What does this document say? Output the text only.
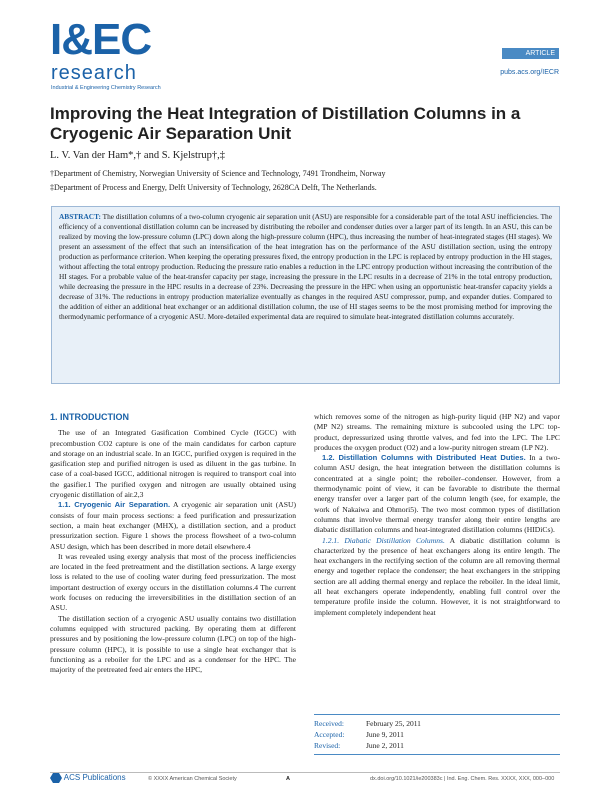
I&EC
research
Industrial & Engineering Chemistry Research
ARTICLE
pubs.acs.org/IECR
Improving the Heat Integration of Distillation Columns in a Cryogenic Air Separation Unit
L. V. Van der Ham*,† and S. Kjelstrup†,‡
†Department of Chemistry, Norwegian University of Science and Technology, 7491 Trondheim, Norway
‡Department of Process and Energy, Delft University of Technology, 2628CA Delft, The Netherlands.
ABSTRACT: The distillation columns of a two-column cryogenic air separation unit (ASU) are responsible for a considerable part of the total ASU inefficiencies. The efficiency of a conventional distillation column can be increased by distributing the reboiler and condenser duties over a larger part of its length. In an ASU, this can be realized by moving the low-pressure column (LPC) down along the high-pressure column (HPC), thus increasing the number of heat-integrated stages (HI stages). We present an assessment of the effect that such an intensification of the heat integration has on the performance of the ASU distillation section, using the entropy production as performance criterion. When keeping the operating pressures fixed, the entropy production in the LPC is replaced by entropy production in the HI stages, without affecting the total entropy production. Reducing the pressure ratio enables a reduction in the LPC entropy production without increasing the contribution of the HI stages. For a probable value of the heat-transfer capacity per stage, increasing the pressure in the LPC results in a decrease of 21% in the total entropy production, while decreasing the pressure in the HPC results in a decrease of 23%. Decreasing the pressure in the HPC when using an opportunistic heat-transfer capacity yields a decrease of 31%. The reductions in entropy production materialize eventually as changes in the required ASU compressor, pump, and expander duties. Compared to the addition of either an additional heat exchanger or an additional distillation column, the use of HI stages seems to be the most promising method for improving the thermodynamic performance of a cryogenic ASU. More-detailed experimental data are required to simulate heat-integrated distillation columns accurately.
1. INTRODUCTION

The use of an Integrated Gasification Combined Cycle (IGCC) with precombustion CO2 capture is one of the main candidates for carbon capture and storage on an industrial scale. In an IGCC, purified oxygen is required in the gasification step and purified nitrogen is used as diluent in the gas turbine. In case of a coal-based IGCC, additional nitrogen is required to transport coal into the gasifier.1 The purified oxygen and nitrogen are usually obtained using cryogenic distillation of air.2,3

1.1. Cryogenic Air Separation. A cryogenic air separation unit (ASU) consists of four main process sections: a feed purification and pressurization section, a main heat exchanger (MHX), a distillation section, and a product pressurization section. Figure 1 shows the process flowsheet of a two-column ASU design, which has been described in more detail elsewhere.4

It was revealed using exergy analysis that most of the process inefficiencies are located in the feed pretreatment and the distillation sections. A large exergy loss is related to the use of cooling water during feed pressurization. The most important destruction of exergy occurs in the distillation columns.4 The current work focuses on reducing the irreversibilities in the distillation section of an ASU.

The distillation section of a cryogenic ASU usually contains two distillation columns equipped with structured packing. By operating them at different pressures and by positioning the low-pressure column (LPC) on top of the high-pressure column (HPC), it is possible to use a single heat exchanger that is functioning as a reboiler for the LPC and as a condenser for the HPC. The majority of the pretreated feed air enters the HPC,

which removes some of the nitrogen as high-purity liquid (HP N2) and vapor (MP N2) streams. The remaining mixture is subcooled using the LPC top-product, depressurized using throttle valves, and fed into the LPC. The LPC produces the oxygen product (O2) and a low-purity nitrogen stream (LP N2).

1.2. Distillation Columns with Distributed Heat Duties. In a two-column ASU design, the heat integration between the distillation columns is concentrated at a single point; the reboiler–condenser. However, from a thermodynamic point of view, it can be favorable to distribute the thermal energy transfer over a larger part of the column length (see, for example, the work of Nakaiwa and Ohmori5). The two most common types of distillation columns that involve thermal energy transfer along their entire lengths are diabatic distillation columns and heat-integrated distillation columns (HIDiCs).

1.2.1. Diabatic Distillation Columns. A diabatic distillation column is characterized by the presence of heat exchangers along its entire length. The heat exchangers in the rectifying section of the column are all removing thermal energy and together replace the condenser; the heat exchangers in the stripping section are all adding thermal energy and replace the reboiler. In the ideal limit, all heat exchangers operate independently, enabling full control over the temperature profile inside the column. However, it is not straightforward to implement completely independent heat

Received:	February 25, 2011
Accepted:	June 9, 2011
Revised:	June 2, 2011
ACS Publications	© XXXX American Chemical Society	A	dx.doi.org/10.1021/ie200383c | Ind. Eng. Chem. Res. XXXX, XXX, 000–000
